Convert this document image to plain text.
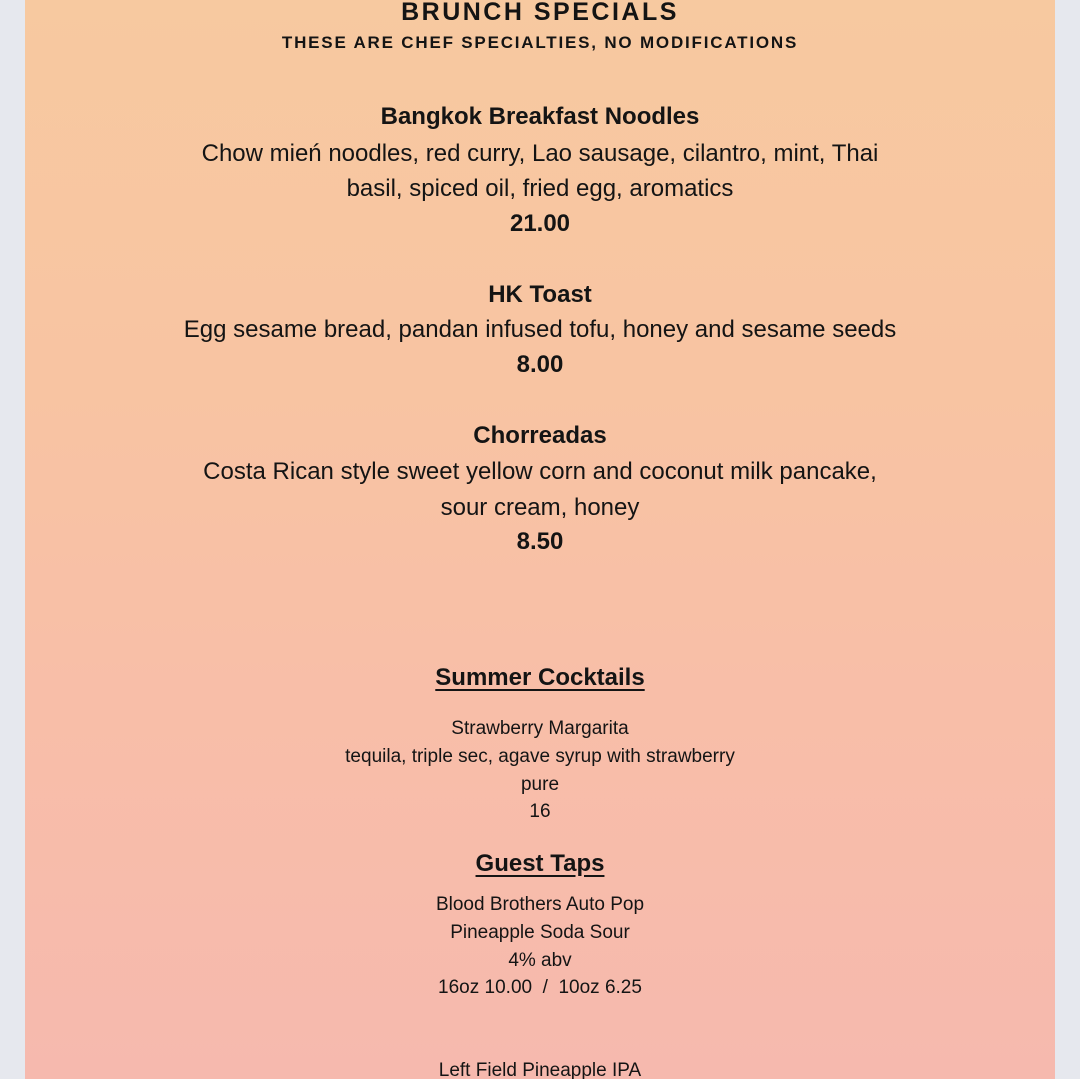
BRUNCH SPECIALS
THESE ARE CHEF SPECIALTIES, NO MODIFICATIONS
Bangkok Breakfast Noodles
Chow mień noodles, red curry, Lao sausage, cilantro, mint, Thai
basil, spiced oil, fried egg, aromatics
21.00
HK Toast
Egg sesame bread, pandan infused tofu, honey and sesame seeds
8.00
Chorreadas
Costa Rican style sweet yellow corn and coconut milk pancake,
sour cream, honey
8.50
Summer Cocktails
Strawberry Margarita
tequila, triple sec, agave syrup with strawberry
pure
16
Guest Taps
Blood Brothers Auto Pop
Pineapple Soda Sour
4% abv
16oz 10.00  /  10oz 6.25
Left Field Pineapple IPA
